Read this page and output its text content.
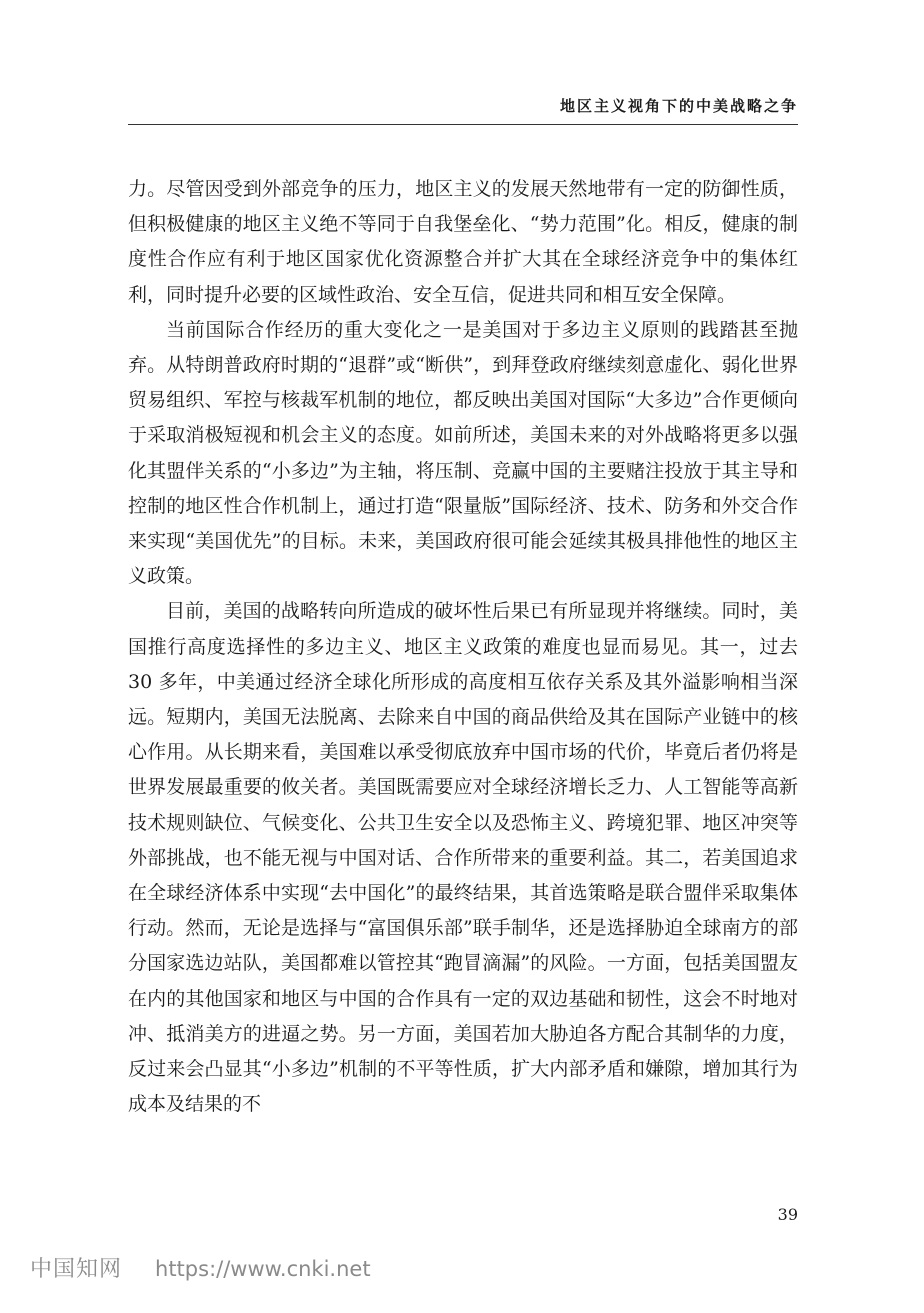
地区主义视角下的中美战略之争

力。尽管因受到外部竞争的压力，地区主义的发展天然地带有一定的防御性质，但积极健康的地区主义绝不等同于自我堡垒化、“势力范围”化。相反，健康的制度性合作应有利于地区国家优化资源整合并扩大其在全球经济竞争中的集体红利，同时提升必要的区域性政治、安全互信，促进共同和相互安全保障。

当前国际合作经历的重大变化之一是美国对于多边主义原则的践踏甚至抛弃。从特朗普政府时期的“退群”或“断供”，到拜登政府继续刻意虚化、弱化世界贸易组织、军控与核裁军机制的地位，都反映出美国对国际“大多边”合作更倾向于采取消极短视和机会主义的态度。如前所述，美国未来的对外战略将更多以强化其盟伴关系的“小多边”为主轴，将压制、竞赢中国的主要赌注投放于其主导和控制的地区性合作机制上，通过打造“限量版”国际经济、技术、防务和外交合作来实现“美国优先”的目标。未来，美国政府很可能会延续其极具排他性的地区主义政策。

目前，美国的战略转向所造成的破坏性后果已有所显现并将继续。同时，美国推行高度选择性的多边主义、地区主义政策的难度也显而易见。其一，过去 30 多年，中美通过经济全球化所形成的高度相互依存关系及其外溢影响相当深远。短期内，美国无法脱离、去除来自中国的商品供给及其在国际产业链中的核心作用。从长期来看，美国难以承受彻底放弃中国市场的代价，毕竟后者仍将是世界发展最重要的攸关者。美国既需要应对全球经济增长乏力、人工智能等高新技术规则缺位、气候变化、公共卫生安全以及恐怖主义、跨境犯罪、地区冲突等外部挑战，也不能无视与中国对话、合作所带来的重要利益。其二，若美国追求在全球经济体系中实现“去中国化”的最终结果，其首选策略是联合盟伴采取集体行动。然而，无论是选择与“富国俱乐部”联手制华，还是选择胁迫全球南方的部分国家选边站队，美国都难以管控其“跑冒滴漏”的风险。一方面，包括美国盟友在内的其他国家和地区与中国的合作具有一定的双边基础和韧性，这会不时地对冲、抵消美方的进逼之势。另一方面，美国若加大胁迫各方配合其制华的力度，反过来会凸显其“小多边”机制的不平等性质，扩大内部矛盾和嫌隙，增加其行为成本及结果的不

39
中国知网 https://www.cnki.net
